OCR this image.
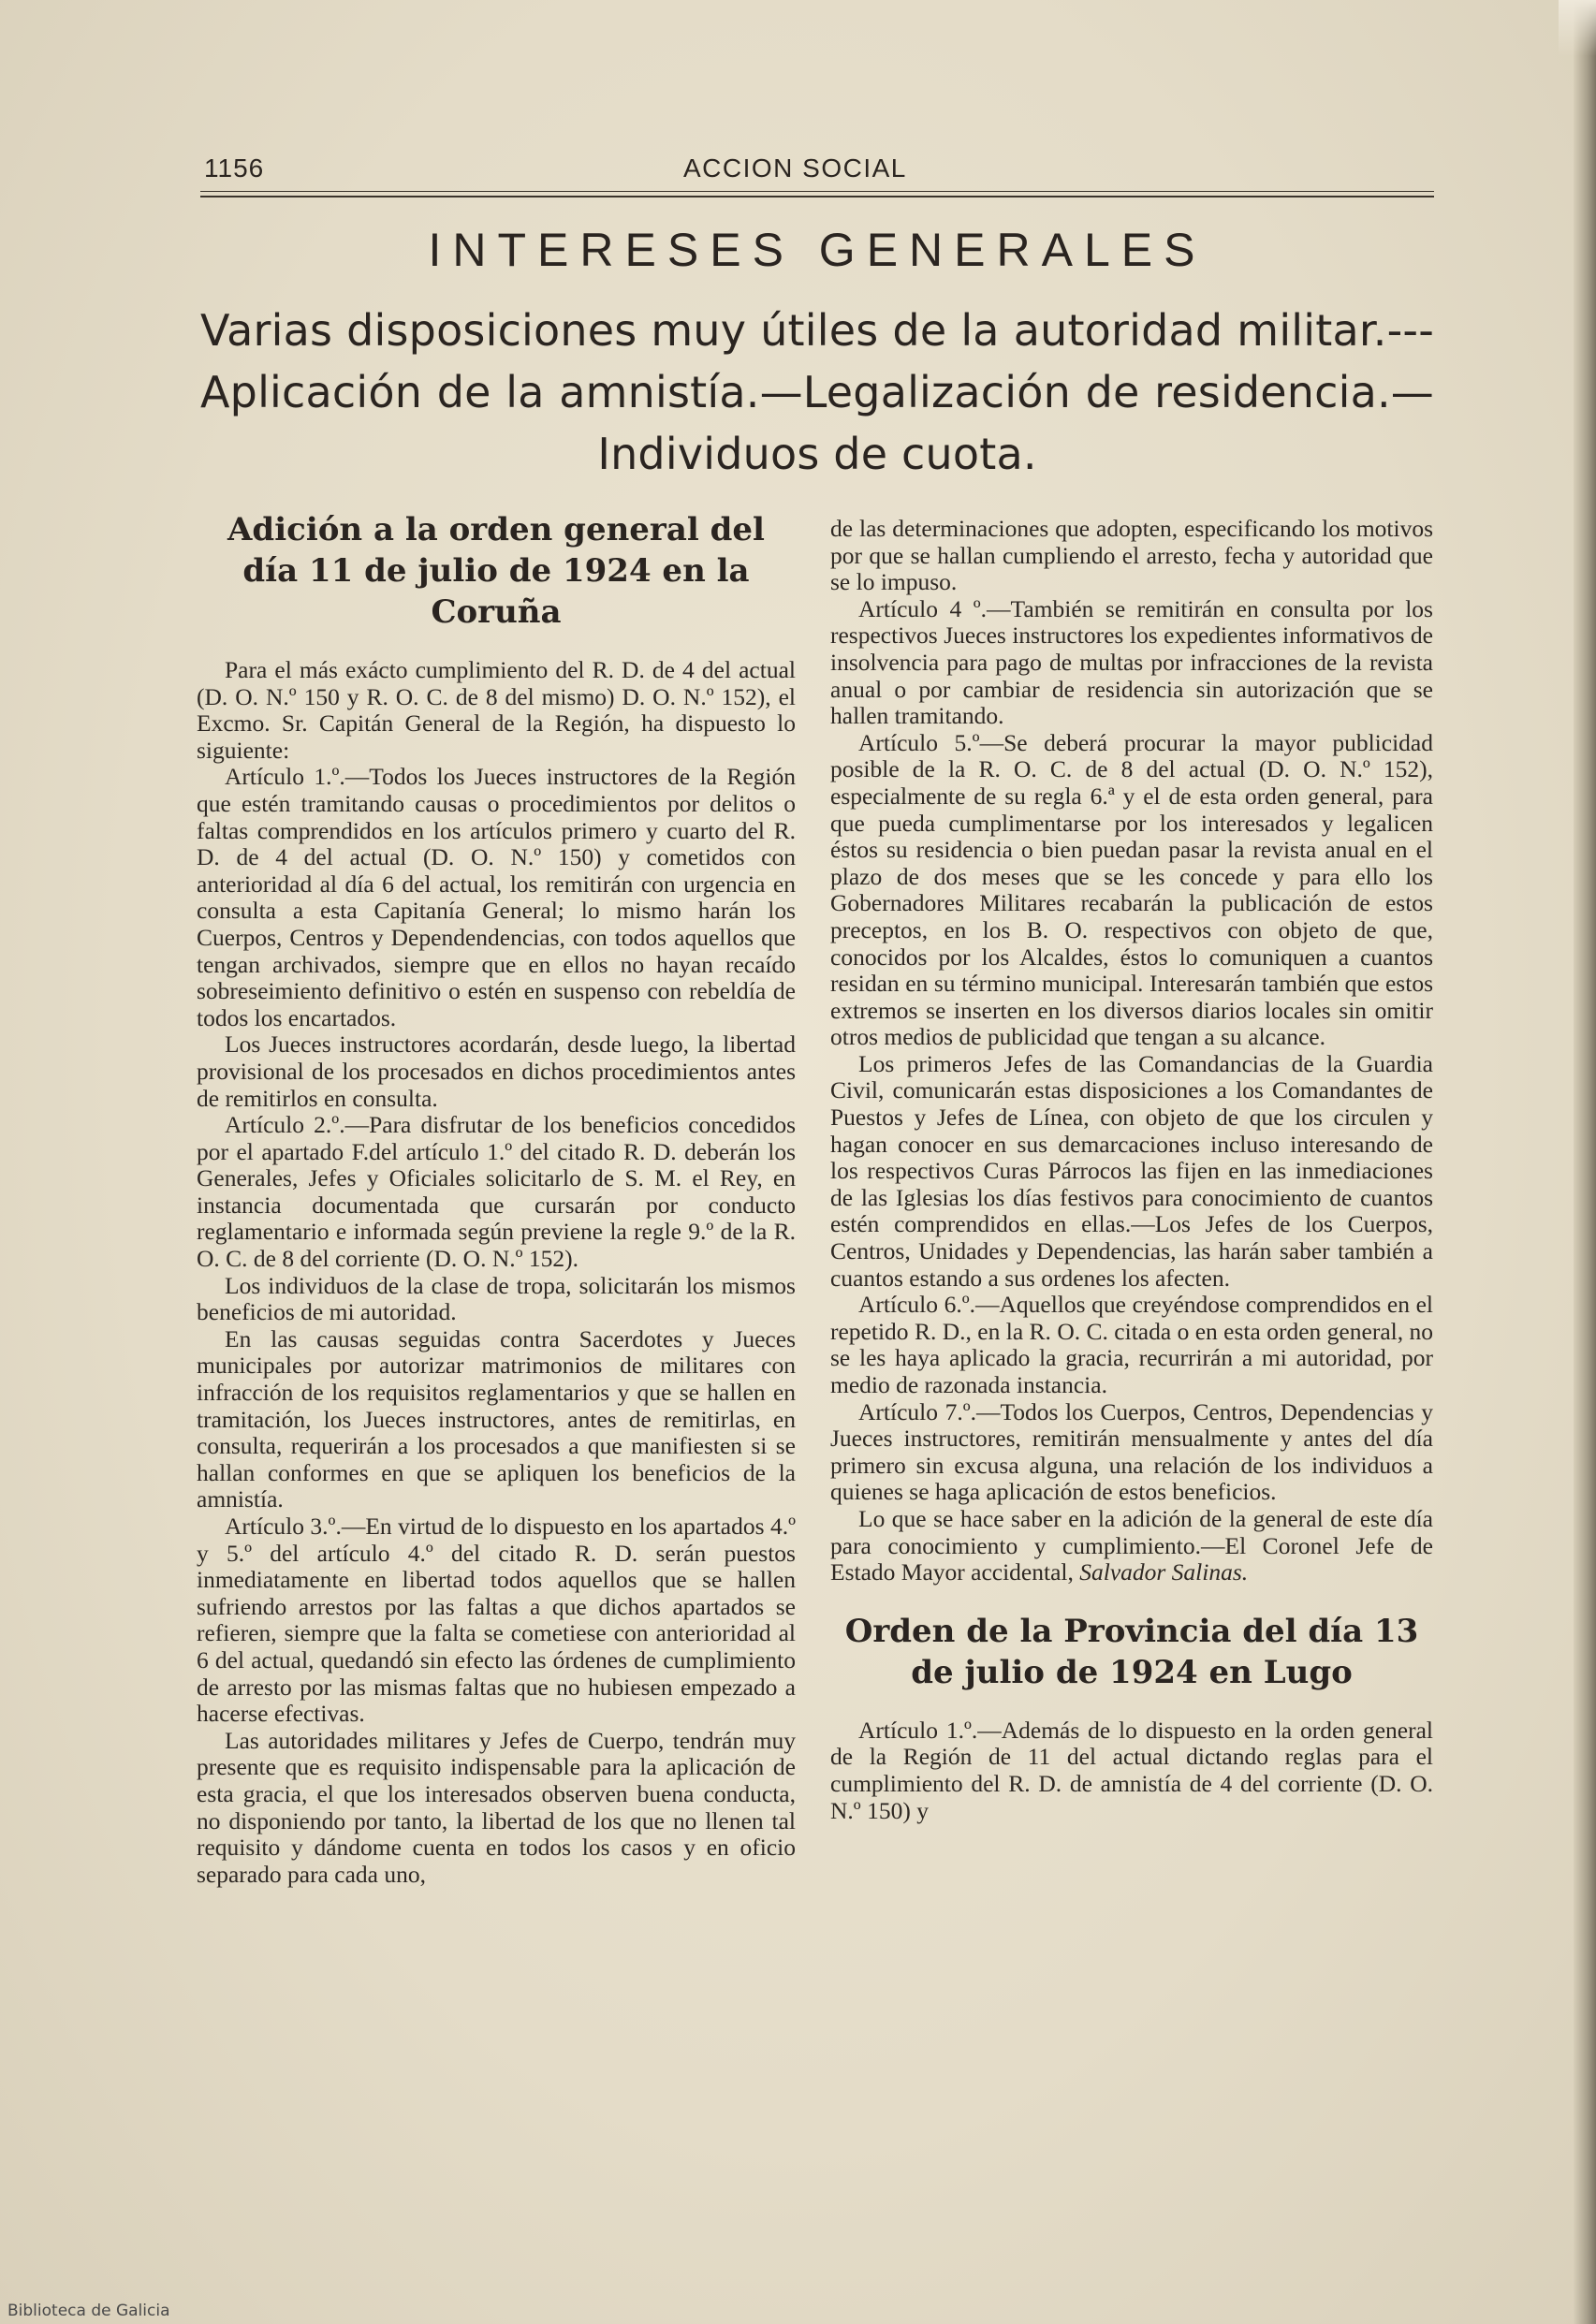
1156	ACCION SOCIAL
INTERESES GENERALES
Varias disposiciones muy útiles de la autoridad militar.---Aplicación de la amnistía.—Legalización de residencia.—Individuos de cuota.
Adición a la orden general del día 11 de julio de 1924 en la Coruña

Para el más exácto cumplimiento del R. D. de 4 del actual (D. O. N.º 150 y R. O. C. de 8 del mismo) D. O. N.º 152), el Excmo. Sr. Capitán General de la Región, ha dispuesto lo siguiente:

Artículo 1.º.—Todos los Jueces instructores de la Región que estén tramitando causas o procedimientos por delitos o faltas comprendidos en los artículos primero y cuarto del R. D. de 4 del actual (D. O. N.º 150) y cometidos con anterioridad al día 6 del actual, los remitirán con urgencia en consulta a esta Capitanía General; lo mismo harán los Cuerpos, Centros y Dependendencias, con todos aquellos que tengan archivados, siempre que en ellos no hayan recaído sobreseimiento definitivo o estén en suspenso con rebeldía de todos los encartados.

Los Jueces instructores acordarán, desde luego, la libertad provisional de los procesados en dichos procedimientos antes de remitirlos en consulta.

Artículo 2.º.—Para disfrutar de los beneficios concedidos por el apartado F.del artículo 1.º del citado R. D. deberán los Generales, Jefes y Oficiales solicitarlo de S. M. el Rey, en instancia documentada que cursarán por conducto reglamentario e informada según previene la regle 9.º de la R. O. C. de 8 del corriente (D. O. N.º 152).

Los individuos de la clase de tropa, solicitarán los mismos beneficios de mi autoridad.

En las causas seguidas contra Sacerdotes y Jueces municipales por autorizar matrimonios de militares con infracción de los requisitos reglamentarios y que se hallen en tramitación, los Jueces instructores, antes de remitirlas, en consulta, requerirán a los procesados a que manifiesten si se hallan conformes en que se apliquen los beneficios de la amnistía.

Artículo 3.º.—En virtud de lo dispuesto en los apartados 4.º y 5.º del artículo 4.º del citado R. D. serán puestos inmediatamente en libertad todos aquellos que se hallen sufriendo arrestos por las faltas a que dichos apartados se refieren, siempre que la falta se cometiese con anterioridad al 6 del actual, quedandó sin efecto las órdenes de cumplimiento de arresto por las mismas faltas que no hubiesen empezado a hacerse efectivas.

Las autoridades militares y Jefes de Cuerpo, tendrán muy presente que es requisito indispensable para la aplicación de esta gracia, el que los interesados observen buena conducta, no disponiendo por tanto, la libertad de los que no llenen tal requisito y dándome cuenta en todos los casos y en oficio separado para cada uno,

de las determinaciones que adopten, especificando los motivos por que se hallan cumpliendo el arresto, fecha y autoridad que se lo impuso.

Artículo 4 º.—También se remitirán en consulta por los respectivos Jueces instructores los expedientes informativos de insolvencia para pago de multas por infracciones de la revista anual o por cambiar de residencia sin autorización que se hallen tramitando.

Artículo 5.º—Se deberá procurar la mayor publicidad posible de la R. O. C. de 8 del actual (D. O. N.º 152), especialmente de su regla 6.ª y el de esta orden general, para que pueda cumplimentarse por los interesados y legalicen éstos su residencia o bien puedan pasar la revista anual en el plazo de dos meses que se les concede y para ello los Gobernadores Militares recabarán la publicación de estos preceptos, en los B. O. respectivos con objeto de que, conocidos por los Alcaldes, éstos lo comuniquen a cuantos residan en su término municipal. Interesarán también que estos extremos se inserten en los diversos diarios locales sin omitir otros medios de publicidad que tengan a su alcance.

Los primeros Jefes de las Comandancias de la Guardia Civil, comunicarán estas disposiciones a los Comandantes de Puestos y Jefes de Línea, con objeto de que los circulen y hagan conocer en sus demarcaciones incluso interesando de los respectivos Curas Párrocos las fijen en las inmediaciones de las Iglesias los días festivos para conocimiento de cuantos estén comprendidos en ellas.—Los Jefes de los Cuerpos, Centros, Unidades y Dependencias, las harán saber también a cuantos estando a sus ordenes los afecten.

Artículo 6.º.—Aquellos que creyéndose comprendidos en el repetido R. D., en la R. O. C. citada o en esta orden general, no se les haya aplicado la gracia, recurrirán a mi autoridad, por medio de razonada instancia.

Artículo 7.º.—Todos los Cuerpos, Centros, Dependencias y Jueces instructores, remitirán mensualmente y antes del día primero sin excusa alguna, una relación de los individuos a quienes se haga aplicación de estos beneficios.

Lo que se hace saber en la adición de la general de este día para conocimiento y cumplimiento.—El Coronel Jefe de Estado Mayor accidental, Salvador Salinas.

Orden de la Provincia del día 13 de julio de 1924 en Lugo

Artículo 1.º.—Además de lo dispuesto en la orden general de la Región de 11 del actual dictando reglas para el cumplimiento del R. D. de amnistía de 4 del corriente (D. O. N.º 150) y

Biblioteca de Galicia
